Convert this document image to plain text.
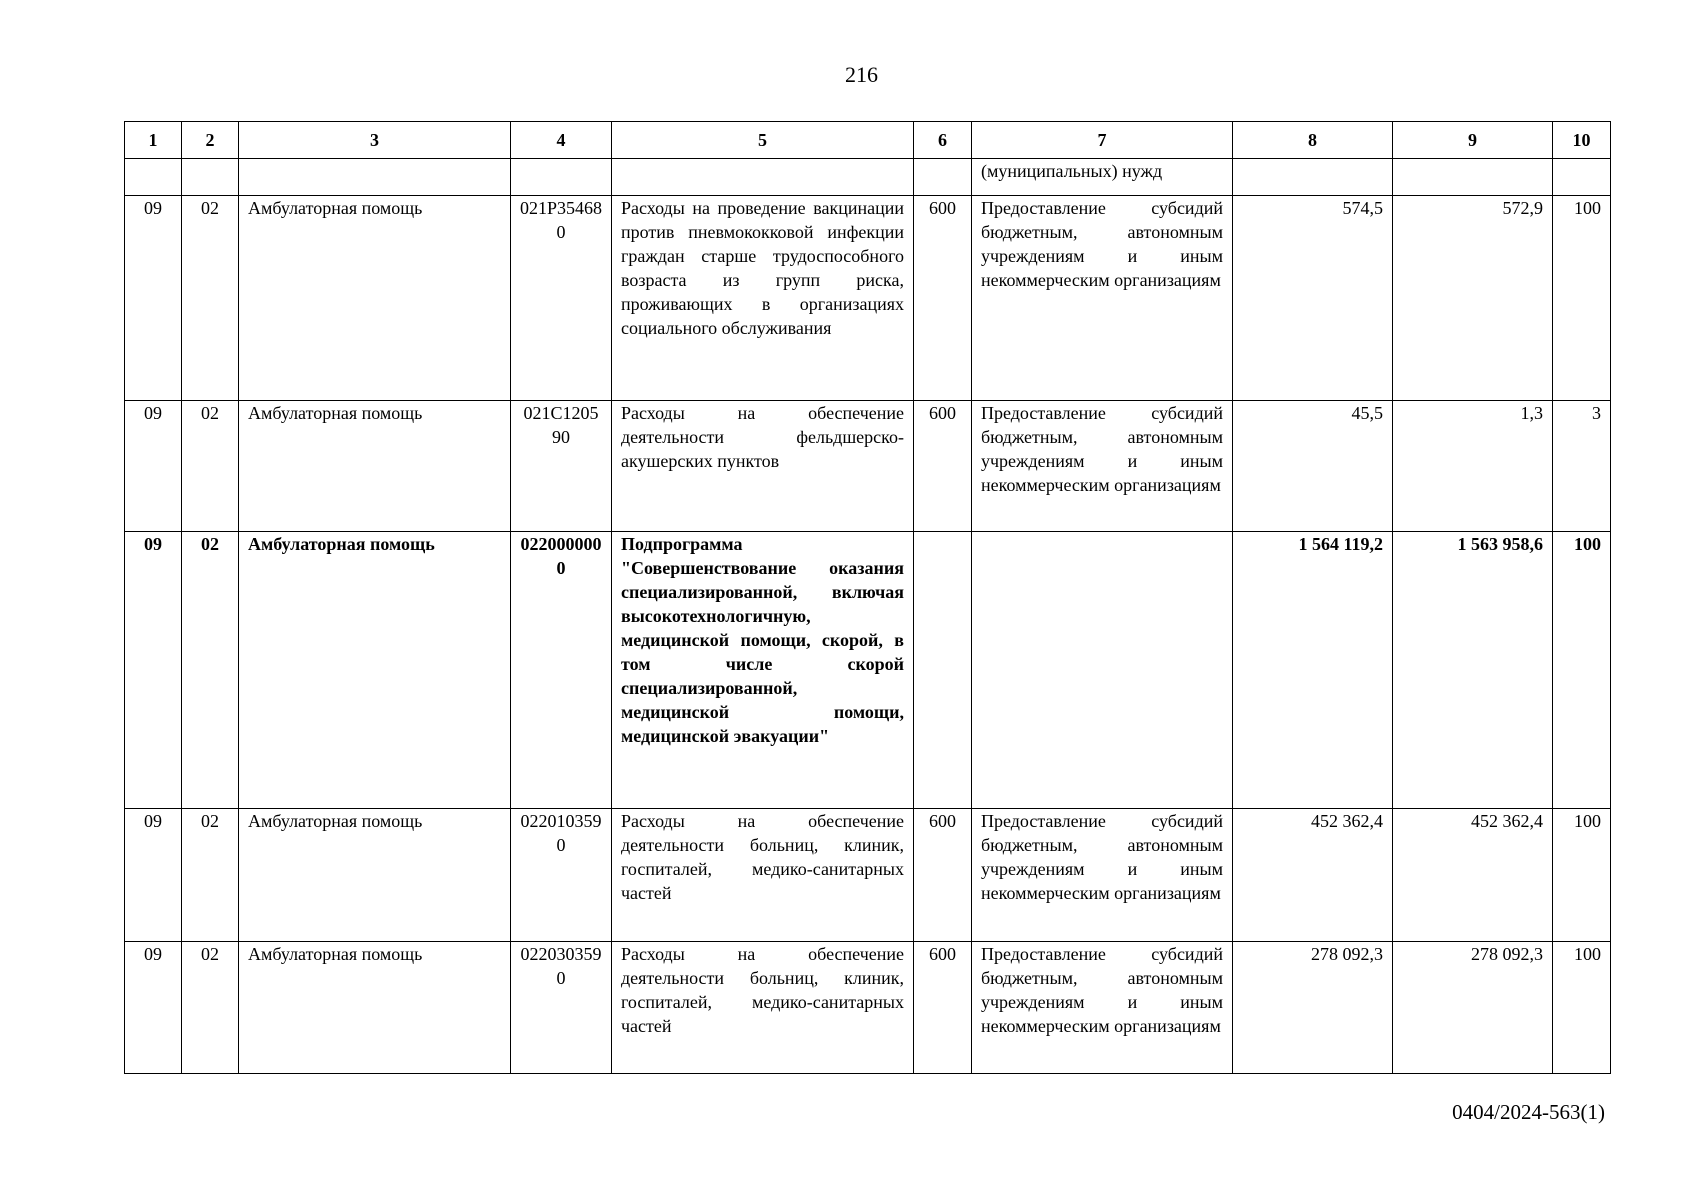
216
1	2	3	4	5	6	7	8	9	10
						(муниципальных) нужд			
09	02	Амбулаторная помощь	021Р354680	Расходы на проведение вакцинации против пневмококковой инфекции граждан старше трудоспособного возраста из групп риска, проживающих в организациях социального обслуживания	600	Предоставление субсидий бюджетным, автономным учреждениям и иным некоммерческим организациям	574,5	572,9	100
09	02	Амбулаторная помощь	021С120590	Расходы на обеспечение деятельности фельдшерско-акушерских пунктов	600	Предоставление субсидий бюджетным, автономным учреждениям и иным некоммерческим организациям	45,5	1,3	3
09	02	Амбулаторная помощь	0220000000	Подпрограмма "Совершенствование оказания специализированной, включая высокотехнологичную, медицинской помощи, скорой, в том числе скорой специализированной, медицинской помощи, медицинской эвакуации"			1 564 119,2	1 563 958,6	100
09	02	Амбулаторная помощь	0220103590	Расходы на обеспечение деятельности больниц, клиник, госпиталей, медико-санитарных частей	600	Предоставление субсидий бюджетным, автономным учреждениям и иным некоммерческим организациям	452 362,4	452 362,4	100
09	02	Амбулаторная помощь	0220303590	Расходы на обеспечение деятельности больниц, клиник, госпиталей, медико-санитарных частей	600	Предоставление субсидий бюджетным, автономным учреждениям и иным некоммерческим организациям	278 092,3	278 092,3	100
0404/2024-563(1)
